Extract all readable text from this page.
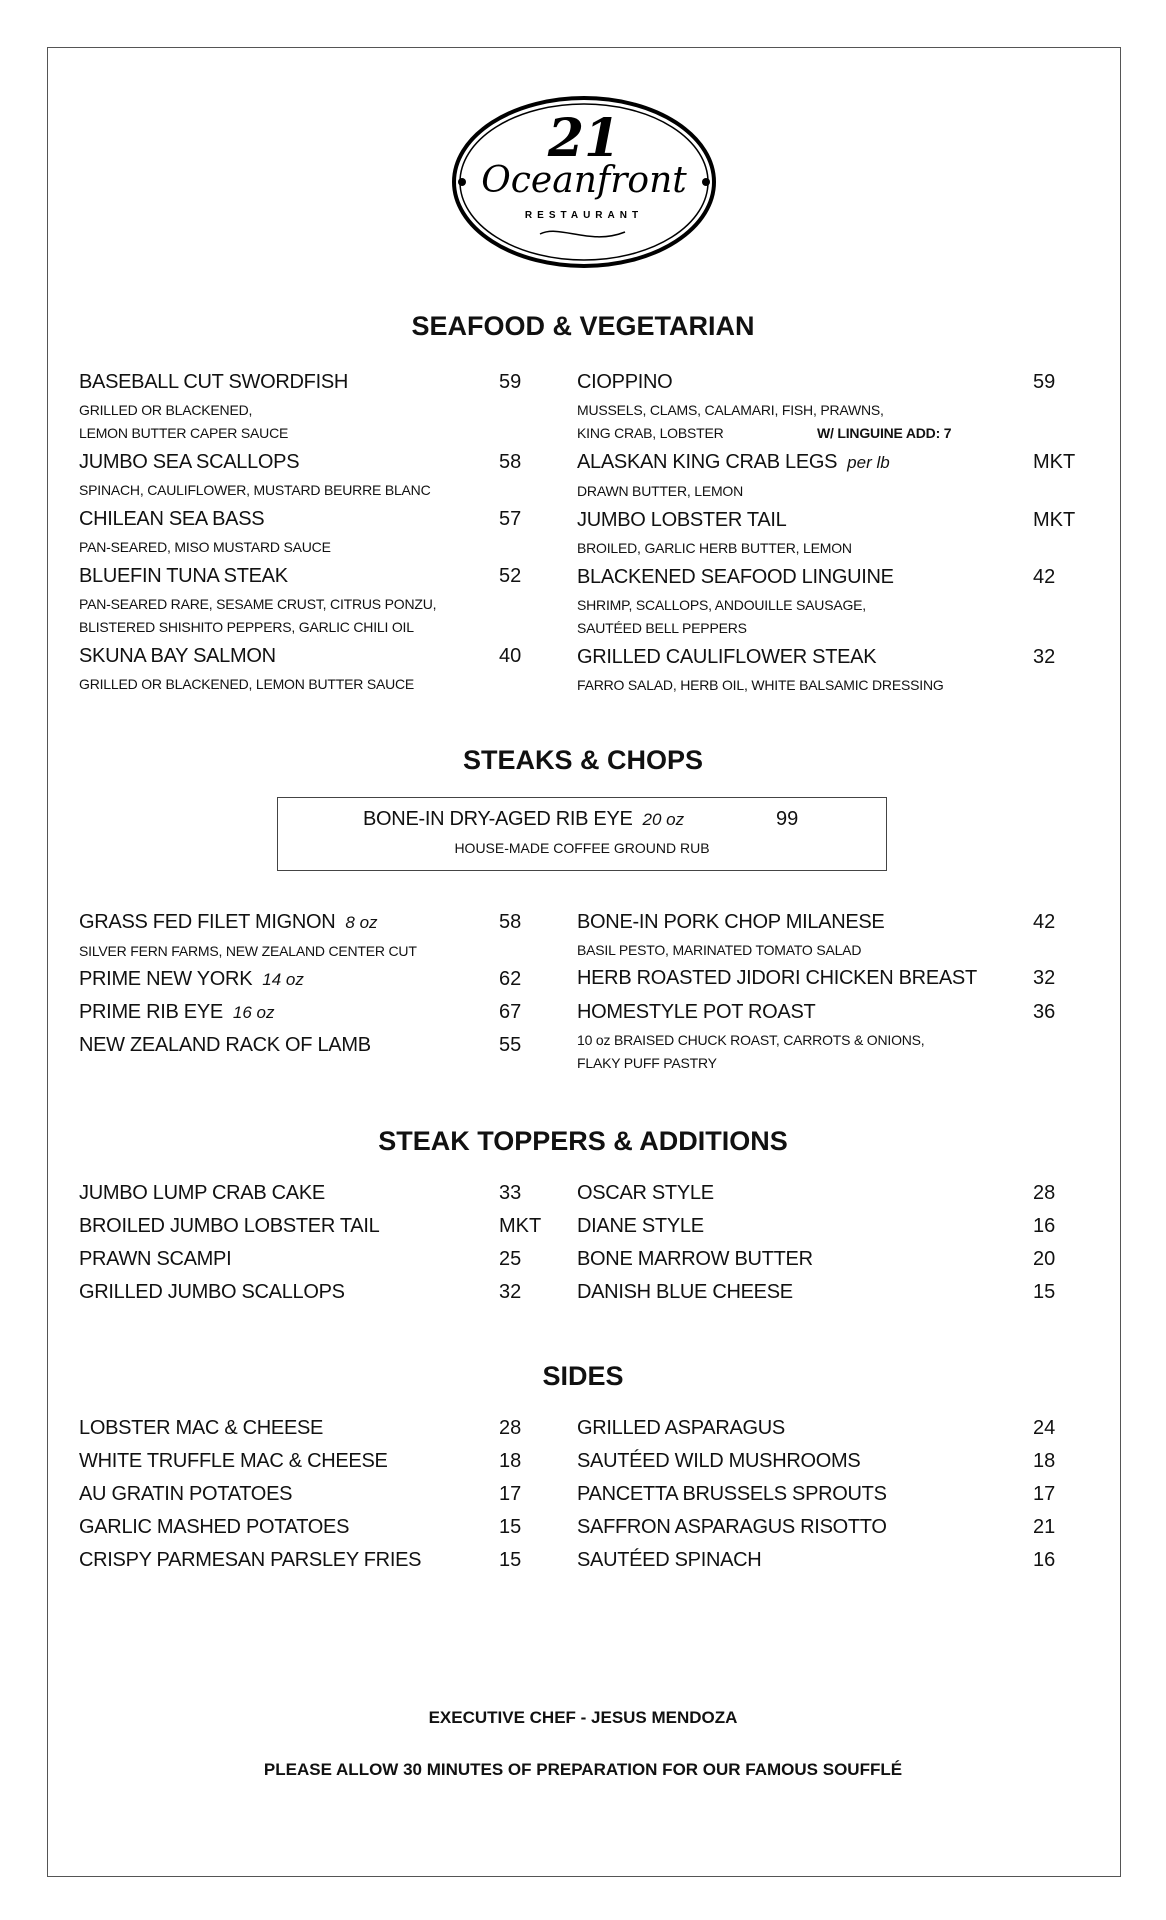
21
Oceanfront
RESTAURANT
SEAFOOD & VEGETARIAN
BASEBALL CUT SWORDFISH	59
GRILLED OR BLACKENED,
LEMON BUTTER CAPER SAUCE
JUMBO SEA SCALLOPS	58
SPINACH, CAULIFLOWER, MUSTARD BEURRE BLANC
CHILEAN SEA BASS	57
PAN-SEARED, MISO MUSTARD SAUCE
BLUEFIN TUNA STEAK	52
PAN-SEARED RARE, SESAME CRUST, CITRUS PONZU,
BLISTERED SHISHITO PEPPERS, GARLIC CHILI OIL
SKUNA BAY SALMON	40
GRILLED OR BLACKENED, LEMON BUTTER SAUCE
CIOPPINO	59
MUSSELS, CLAMS, CALAMARI, FISH, PRAWNS,
KING CRAB, LOBSTER	W/ LINGUINE ADD: 7
ALASKAN KING CRAB LEGS per lb	MKT
DRAWN BUTTER, LEMON
JUMBO LOBSTER TAIL	MKT
BROILED, GARLIC HERB BUTTER, LEMON
BLACKENED SEAFOOD LINGUINE	42
SHRIMP, SCALLOPS, ANDOUILLE SAUSAGE,
SAUTÉED BELL PEPPERS
GRILLED CAULIFLOWER STEAK	32
FARRO SALAD, HERB OIL, WHITE BALSAMIC DRESSING
STEAKS & CHOPS
BONE-IN DRY-AGED RIB EYE 20 oz	99
HOUSE-MADE COFFEE GROUND RUB
GRASS FED FILET MIGNON 8 oz	58
SILVER FERN FARMS, NEW ZEALAND CENTER CUT
PRIME NEW YORK 14 oz	62
PRIME RIB EYE 16 oz	67
NEW ZEALAND RACK OF LAMB	55
BONE-IN PORK CHOP MILANESE	42
BASIL PESTO, MARINATED TOMATO SALAD
HERB ROASTED JIDORI CHICKEN BREAST	32
HOMESTYLE POT ROAST	36
10 oz BRAISED CHUCK ROAST, CARROTS & ONIONS,
FLAKY PUFF PASTRY
STEAK TOPPERS & ADDITIONS
JUMBO LUMP CRAB CAKE	33
BROILED JUMBO LOBSTER TAIL	MKT
PRAWN SCAMPI	25
GRILLED JUMBO SCALLOPS	32
OSCAR STYLE	28
DIANE STYLE	16
BONE MARROW BUTTER	20
DANISH BLUE CHEESE	15
SIDES
LOBSTER MAC & CHEESE	28
WHITE TRUFFLE MAC & CHEESE	18
AU GRATIN POTATOES	17
GARLIC MASHED POTATOES	15
CRISPY PARMESAN PARSLEY FRIES	15
GRILLED ASPARAGUS	24
SAUTÉED WILD MUSHROOMS	18
PANCETTA BRUSSELS SPROUTS	17
SAFFRON ASPARAGUS RISOTTO	21
SAUTÉED SPINACH	16
EXECUTIVE CHEF - JESUS MENDOZA
PLEASE ALLOW 30 MINUTES OF PREPARATION FOR OUR FAMOUS SOUFFLÉ
